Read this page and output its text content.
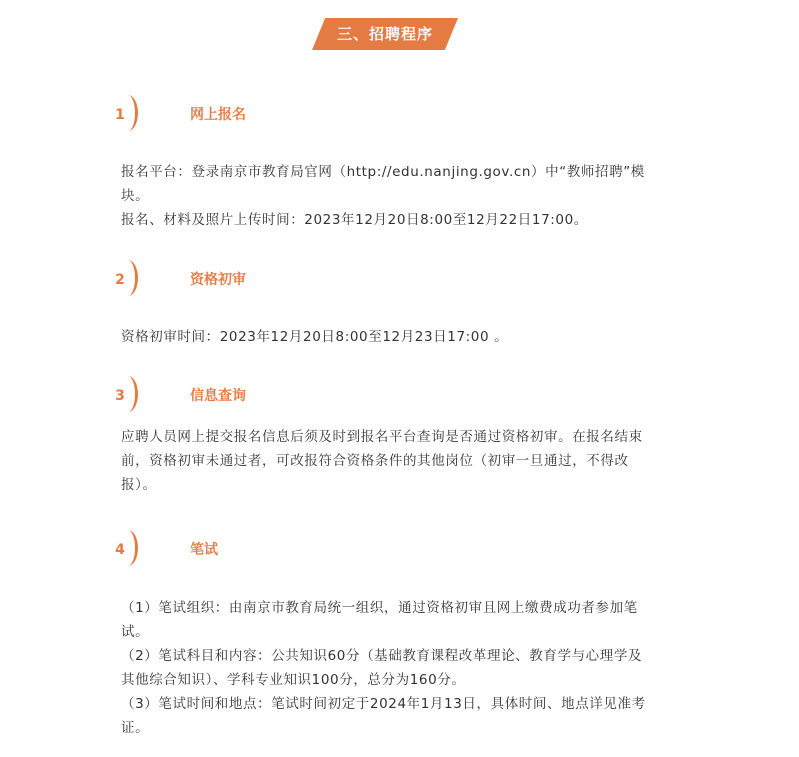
三、招聘程序
1	网上报名

报名平台：登录南京市教育局官网（http://edu.nanjing.gov.cn）中“教师招聘”模块。

报名、材料及照片上传时间：2023年12月20日8:00至12月22日17:00。

2	资格初审

资格初审时间：2023年12月20日8:00至12月23日17:00 。

3	信息查询

应聘人员网上提交报名信息后须及时到报名平台查询是否通过资格初审。在报名结束前，资格初审未通过者，可改报符合资格条件的其他岗位（初审一旦通过，不得改报）。

4	笔试

（1）笔试组织：由南京市教育局统一组织，通过资格初审且网上缴费成功者参加笔试。

（2）笔试科目和内容：公共知识60分（基础教育课程改革理论、教育学与心理学及其他综合知识）、学科专业知识100分，总分为160分。

（3）笔试时间和地点：笔试时间初定于2024年1月13日，具体时间、地点详见准考证。
